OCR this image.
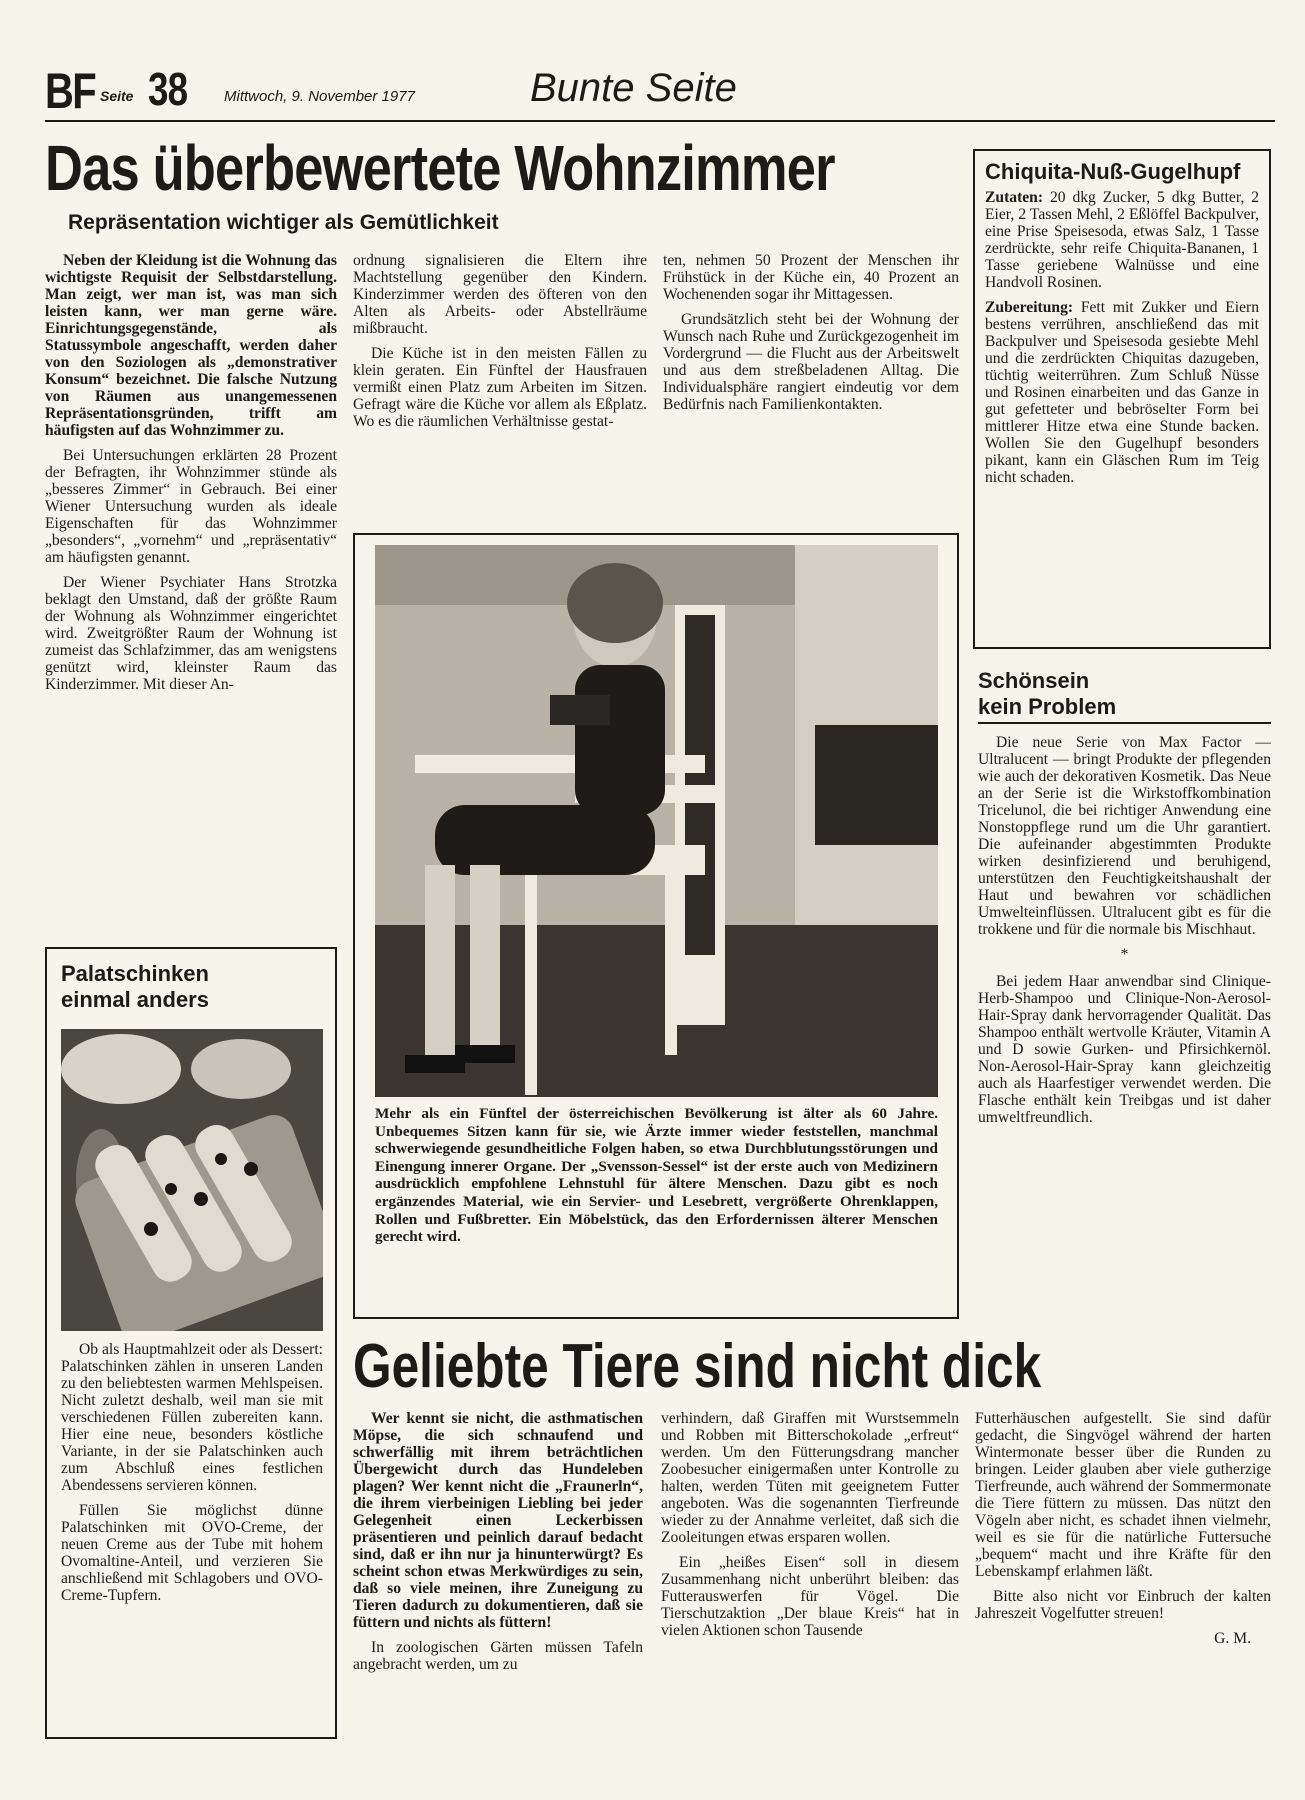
BF Seite 38 Mittwoch, 9. November 1977	Bunte Seite
Das überbewertete Wohnzimmer
Repräsentation wichtiger als Gemütlichkeit

Neben der Kleidung ist die Wohnung das wichtigste Requisit der Selbstdarstellung. Man zeigt, wer man ist, was man sich leisten kann, wer man gerne wäre. Einrichtungsgegenstände, als Statussymbole angeschafft, werden daher von den Soziologen als „demonstrativer Konsum“ bezeichnet. Die falsche Nutzung von Räumen aus unangemessenen Repräsentationsgründen, trifft am häufigsten auf das Wohnzimmer zu.

Bei Untersuchungen erklärten 28 Prozent der Befragten, ihr Wohnzimmer stünde als „besseres Zimmer“ in Gebrauch. Bei einer Wiener Untersuchung wurden als ideale Eigenschaften für das Wohnzimmer „besonders“, „vornehm“ und „repräsentativ“ am häufigsten genannt.

Der Wiener Psychiater Hans Strotzka beklagt den Umstand, daß der größte Raum der Wohnung als Wohnzimmer eingerichtet wird. Zweitgrößter Raum der Wohnung ist zumeist das Schlafzimmer, das am wenigstens genützt wird, kleinster Raum das Kinderzimmer. Mit dieser An-

ordnung signalisieren die Eltern ihre Machtstellung gegenüber den Kindern. Kinderzimmer werden des öfteren von den Alten als Arbeits- oder Abstellräume mißbraucht.

Die Küche ist in den meisten Fällen zu klein geraten. Ein Fünftel der Hausfrauen vermißt einen Platz zum Arbeiten im Sitzen. Gefragt wäre die Küche vor allem als Eßplatz. Wo es die räumlichen Verhältnisse gestat-

ten, nehmen 50 Prozent der Menschen ihr Frühstück in der Küche ein, 40 Prozent an Wochenenden sogar ihr Mittagessen.

Grundsätzlich steht bei der Wohnung der Wunsch nach Ruhe und Zurückgezogenheit im Vordergrund — die Flucht aus der Arbeitswelt und aus dem streßbeladenen Alltag. Die Individualsphäre rangiert eindeutig vor dem Bedürfnis nach Familienkontakten.

Chiquita-Nuß-Gugelhupf

Zutaten: 20 dkg Zucker, 5 dkg Butter, 2 Eier, 2 Tassen Mehl, 2 Eßlöffel Backpulver, eine Prise Speisesoda, etwas Salz, 1 Tasse zerdrückte, sehr reife Chiquita-Bananen, 1 Tasse geriebene Walnüsse und eine Handvoll Rosinen.

Zubereitung: Fett mit Zukker und Eiern bestens verrühren, anschließend das mit Backpulver und Speisesoda gesiebte Mehl und die zerdrückten Chiquitas dazugeben, tüchtig weiterrühren. Zum Schluß Nüsse und Rosinen einarbeiten und das Ganze in gut gefetteter und bebröselter Form bei mittlerer Hitze etwa eine Stunde backen. Wollen Sie den Gugelhupf besonders pikant, kann ein Gläschen Rum im Teig nicht schaden.

Schönsein kein Problem

Die neue Serie von Max Factor — Ultralucent — bringt Produkte der pflegenden wie auch der dekorativen Kosmetik. Das Neue an der Serie ist die Wirkstoffkombination Tricelunol, die bei richtiger Anwendung eine Nonstoppflege rund um die Uhr garantiert. Die aufeinander abgestimmten Produkte wirken desinfizierend und beruhigend, unterstützen den Feuchtigkeitshaushalt der Haut und bewahren vor schädlichen Umwelteinflüssen. Ultralucent gibt es für die trokkene und für die normale bis Mischhaut.

*

Bei jedem Haar anwendbar sind Clinique-Herb-Shampoo und Clinique-Non-Aerosol-Hair-Spray dank hervorragender Qualität. Das Shampoo enthält wertvolle Kräuter, Vitamin A und D sowie Gurken- und Pfirsichkernöl. Non-Aerosol-Hair-Spray kann gleichzeitig auch als Haarfestiger verwendet werden. Die Flasche enthält kein Treibgas und ist daher umweltfreundlich.

Mehr als ein Fünftel der österreichischen Bevölkerung ist älter als 60 Jahre. Unbequemes Sitzen kann für sie, wie Ärzte immer wieder feststellen, manchmal schwerwiegende gesundheitliche Folgen haben, so etwa Durchblutungsstörungen und Einengung innerer Organe. Der „Svensson-Sessel“ ist der erste auch von Medizinern ausdrücklich empfohlene Lehnstuhl für ältere Menschen. Dazu gibt es noch ergänzendes Material, wie ein Servier- und Lesebrett, vergrößerte Ohrenklappen, Rollen und Fußbretter. Ein Möbelstück, das den Erfordernissen älterer Menschen gerecht wird.
Palatschinken
einmal anders

Ob als Hauptmahlzeit oder als Dessert: Palatschinken zählen in unseren Landen zu den beliebtesten warmen Mehlspeisen. Nicht zuletzt deshalb, weil man sie mit verschiedenen Füllen zubereiten kann. Hier eine neue, besonders köstliche Variante, in der sie Palatschinken auch zum Abschluß eines festlichen Abendessens servieren können.

Füllen Sie möglichst dünne Palatschinken mit OVO-Creme, der neuen Creme aus der Tube mit hohem Ovomaltine-Anteil, und verzieren Sie anschließend mit Schlagobers und OVO-Creme-Tupfern.

Geliebte Tiere sind nicht dick

Wer kennt sie nicht, die asthmatischen Möpse, die sich schnaufend und schwerfällig mit ihrem beträchtlichen Übergewicht durch das Hundeleben plagen? Wer kennt nicht die „Fraunerln“, die ihrem vierbeinigen Liebling bei jeder Gelegenheit einen Leckerbissen präsentieren und peinlich darauf bedacht sind, daß er ihn nur ja hinunterwürgt? Es scheint schon etwas Merkwürdiges zu sein, daß so viele meinen, ihre Zuneigung zu Tieren dadurch zu dokumentieren, daß sie füttern und nichts als füttern!

In zoologischen Gärten müssen Tafeln angebracht werden, um zu

verhindern, daß Giraffen mit Wurstsemmeln und Robben mit Bitterschokolade „erfreut“ werden. Um den Fütterungsdrang mancher Zoobesucher einigermaßen unter Kontrolle zu halten, werden Tüten mit geeignetem Futter angeboten. Was die sogenannten Tierfreunde wieder zu der Annahme verleitet, daß sich die Zooleitungen etwas ersparen wollen.

Ein „heißes Eisen“ soll in diesem Zusammenhang nicht unberührt bleiben: das Futterauswerfen für Vögel. Die Tierschutzaktion „Der blaue Kreis“ hat in vielen Aktionen schon Tausende

Futterhäuschen aufgestellt. Sie sind dafür gedacht, die Singvögel während der harten Wintermonate besser über die Runden zu bringen. Leider glauben aber viele gutherzige Tierfreunde, auch während der Sommermonate die Tiere füttern zu müssen. Das nützt den Vögeln aber nicht, es schadet ihnen vielmehr, weil es sie für die natürliche Futtersuche „bequem“ macht und ihre Kräfte für den Lebenskampf erlahmen läßt.

Bitte also nicht vor Einbruch der kalten Jahreszeit Vogelfutter streuen!

G. M.
